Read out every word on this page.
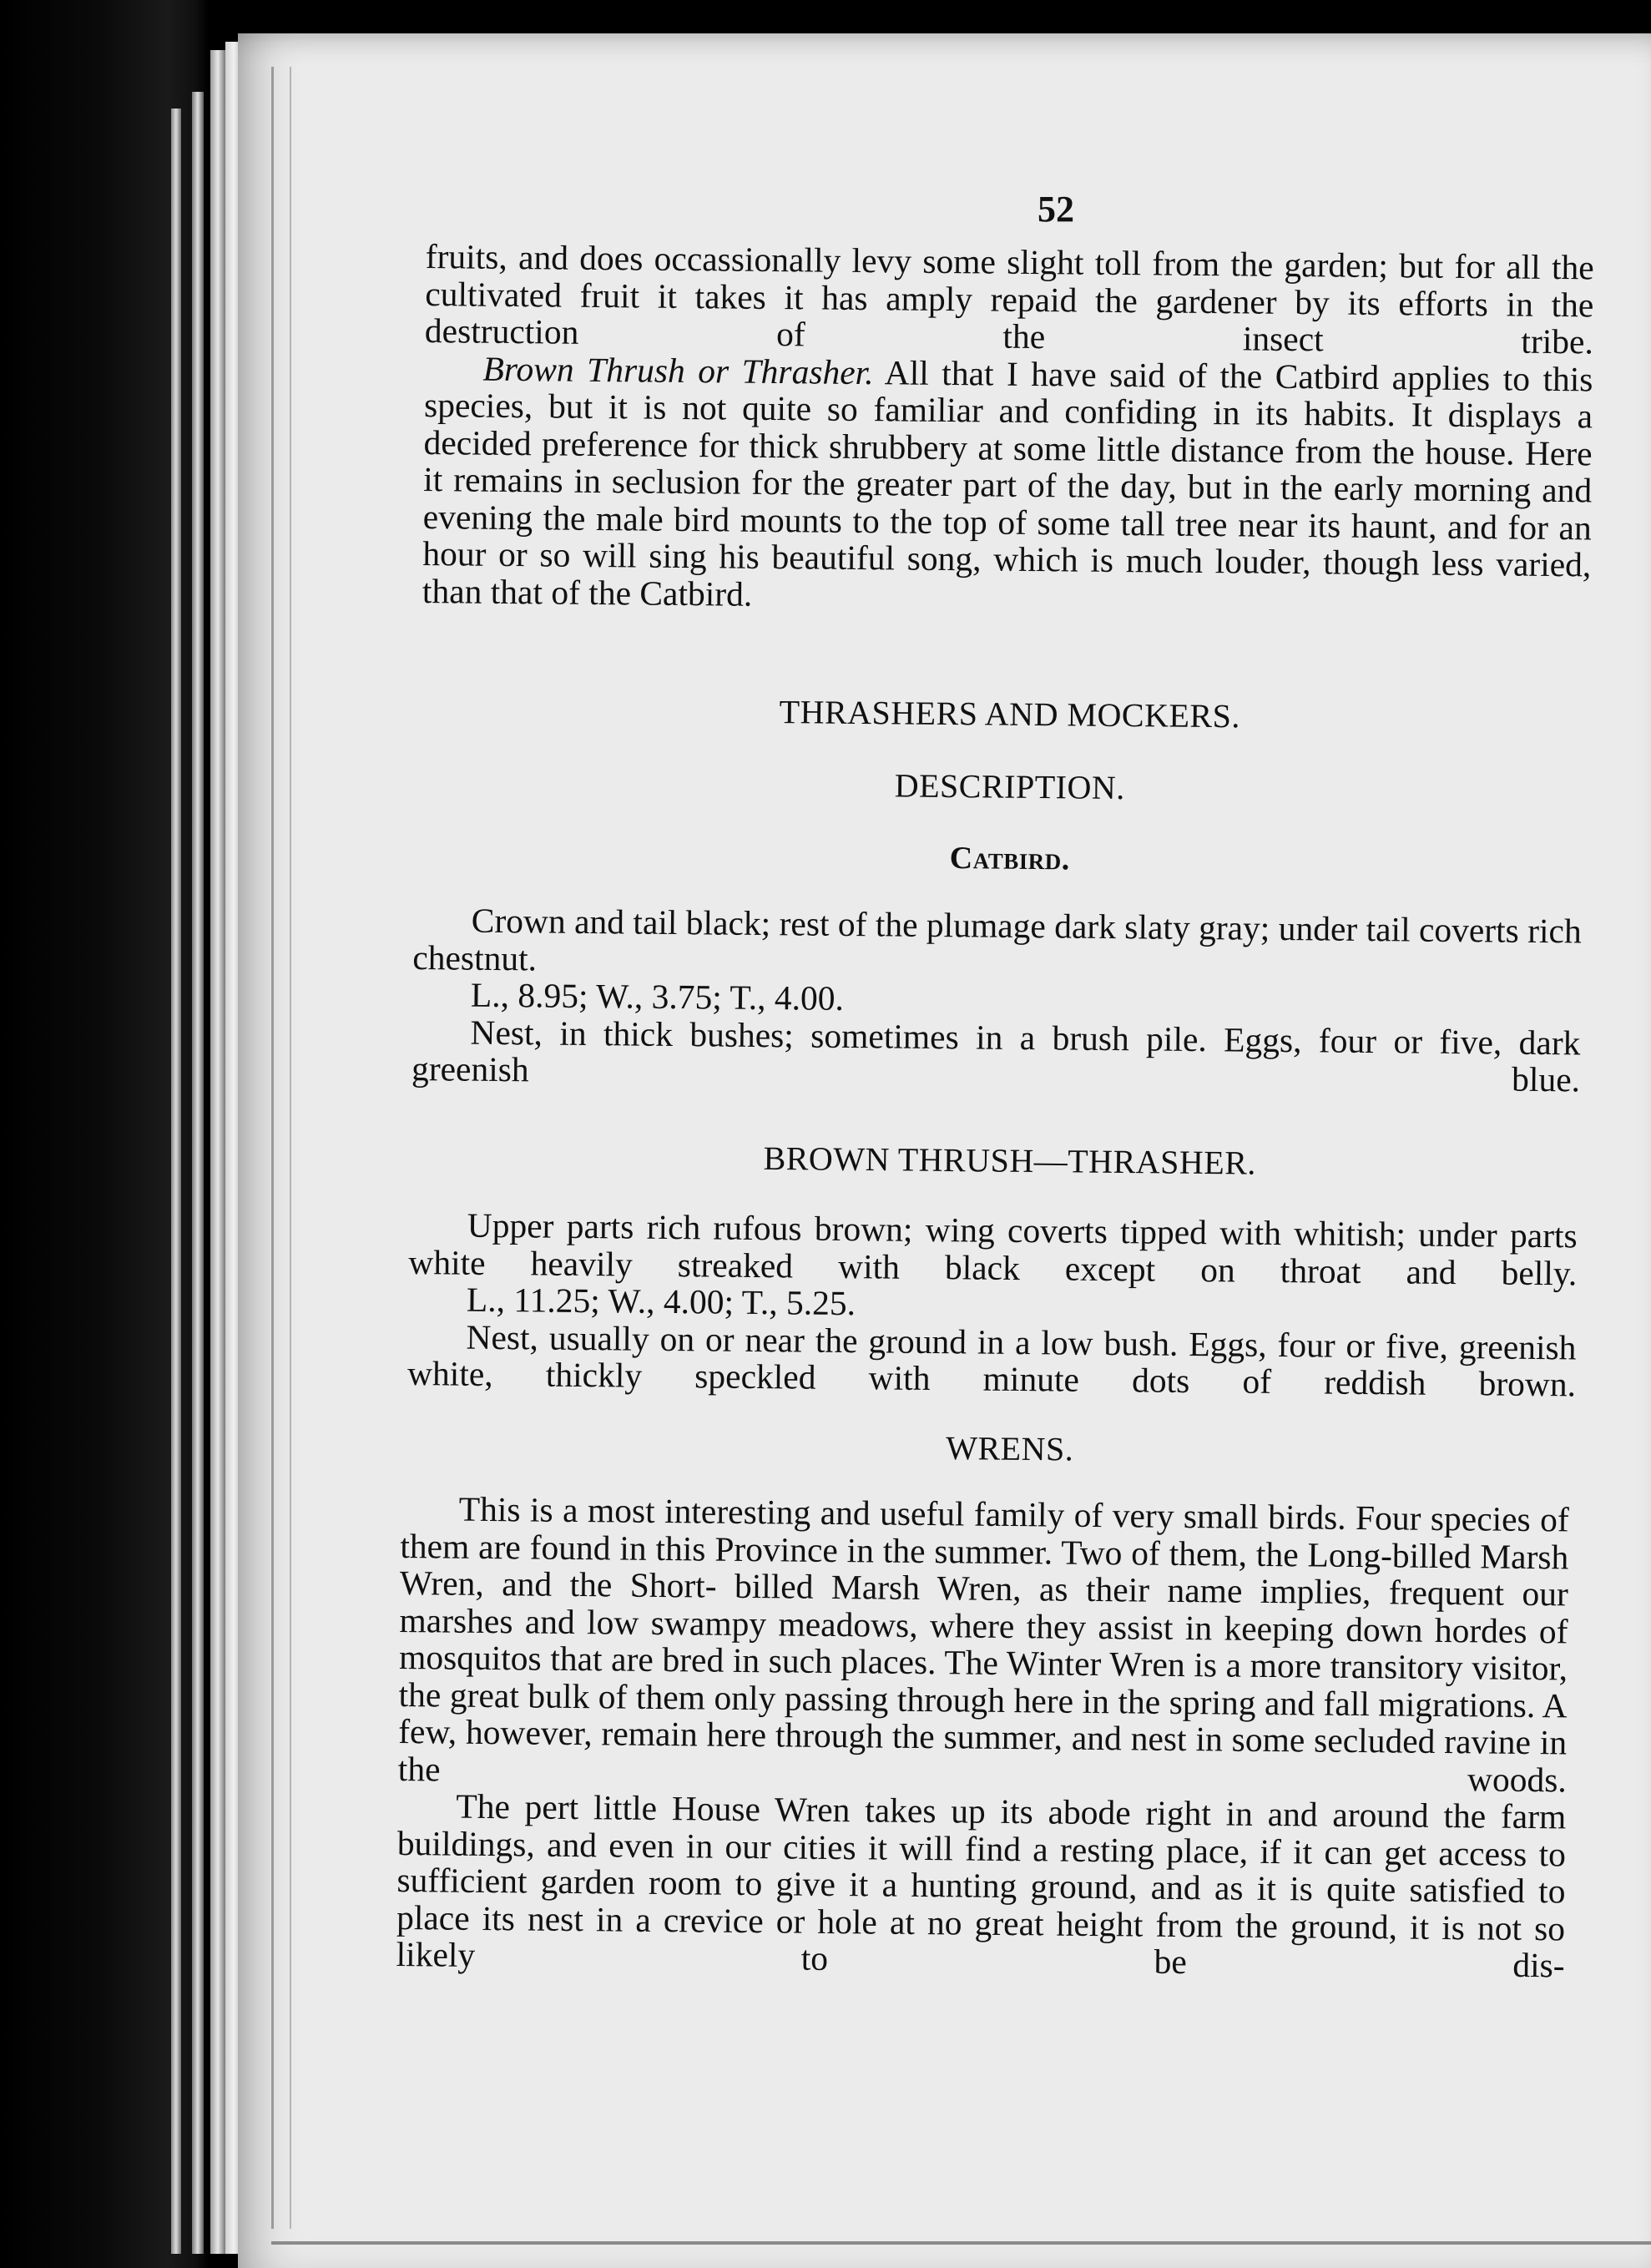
52

fruits, and does occassionally levy some slight toll from the garden; but for all the cultivated fruit it takes it has amply repaid the gardener by its efforts in the destruction of the insect tribe.

Brown Thrush or Thrasher. All that I have said of the Catbird applies to this species, but it is not quite so familiar and confiding in its habits. It displays a decided preference for thick shrubbery at some little distance from the house. Here it remains in seclusion for the greater part of the day, but in the early morning and evening the male bird mounts to the top of some tall tree near its haunt, and for an hour or so will sing his beautiful song, which is much louder, though less varied, than that of the Catbird.

THRASHERS AND MOCKERS.
DESCRIPTION.
Catbird.

Crown and tail black; rest of the plumage dark slaty gray; under tail coverts rich chestnut.

L., 8.95; W., 3.75; T., 4.00.

Nest, in thick bushes; sometimes in a brush pile. Eggs, four or five, dark greenish blue.

BROWN THRUSH—THRASHER.

Upper parts rich rufous brown; wing coverts tipped with whitish; under parts white heavily streaked with black except on throat and belly.

L., 11.25; W., 4.00; T., 5.25.

Nest, usually on or near the ground in a low bush. Eggs, four or five, greenish white, thickly speckled with minute dots of reddish brown.

WRENS.

This is a most interesting and useful family of very small birds. Four species of them are found in this Province in the summer. Two of them, the Long-billed Marsh Wren, and the Short- billed Marsh Wren, as their name implies, frequent our marshes and low swampy meadows, where they assist in keeping down hordes of mosquitos that are bred in such places. The Winter Wren is a more transitory visitor, the great bulk of them only passing through here in the spring and fall migrations. A few, however, remain here through the summer, and nest in some secluded ravine in the woods.

The pert little House Wren takes up its abode right in and around the farm buildings, and even in our cities it will find a resting place, if it can get access to sufficient garden room to give it a hunting ground, and as it is quite satisfied to place its nest in a crevice or hole at no great height from the ground, it is not so likely to be dis-
